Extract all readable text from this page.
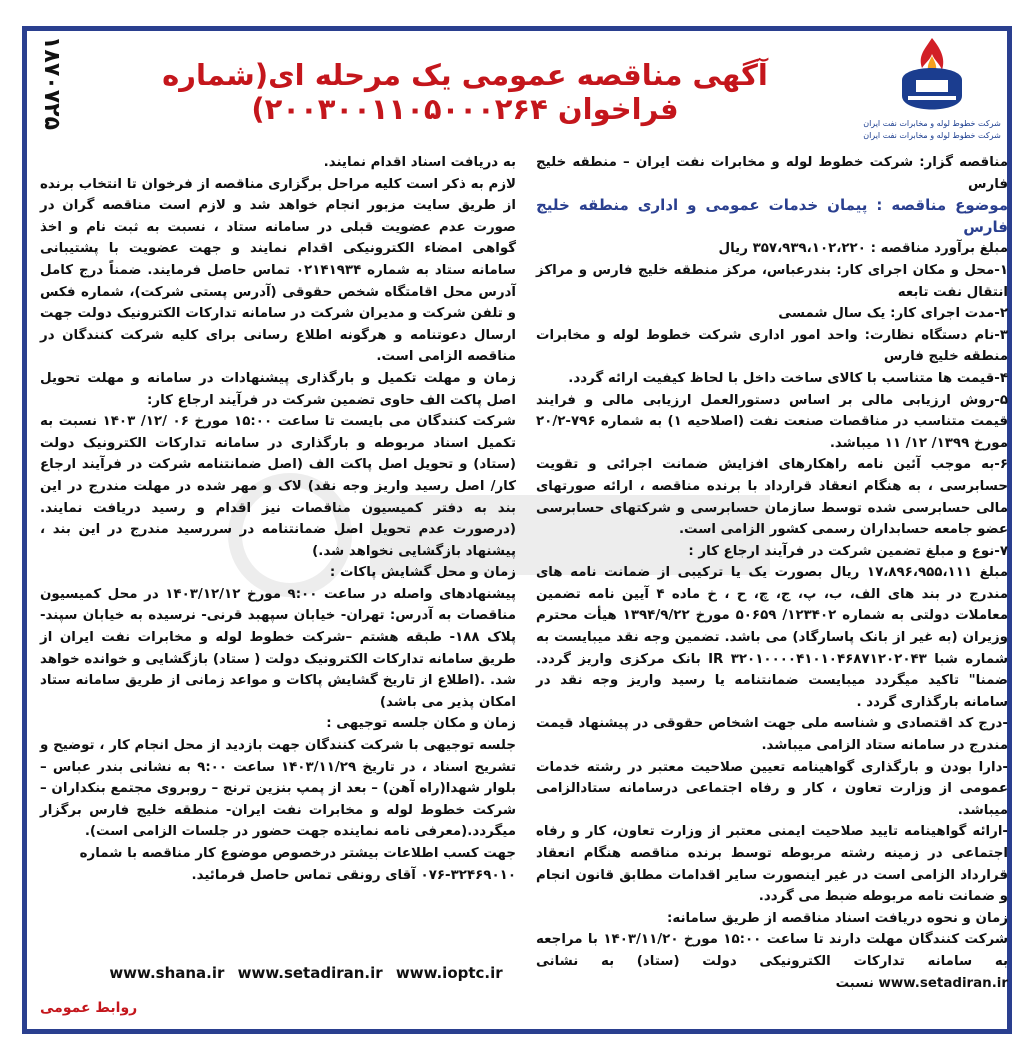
۱۸۷۰۷۲۵	شرکت خطوط لوله و مخابرات نفت ایران
شرکت خطوط لوله و مخابرات نفت ایران
آگهی مناقصه عمومی یک مرحله ای(شماره فراخوان ۲۰۰۳۰۰۱۱۰۵۰۰۰۲۶۴)

مناقصه گزار: شرکت خطوط لوله و مخابرات نفت ایران – منطقه خلیج فارس

موضوع مناقصه : پیمان خدمات عمومی و اداری منطقه خلیج فارس

مبلغ برآورد مناقصه : ۳۵۷،۹۳۹،۱۰۲،۲۲۰ ریال

۱-محل و مکان اجرای کار: بندرعباس، مرکز منطقه خلیج فارس و مراکز انتقال نفت تابعه

۲-مدت اجرای کار: یک سال شمسی

۳-نام دستگاه نظارت: واحد امور اداری شرکت خطوط لوله و مخابرات منطقه خلیج فارس

۴-قیمت ها متناسب با کالای ساخت داخل با لحاظ کیفیت ارائه گردد.

۵-روش ارزیابی مالی بر اساس دستورالعمل ارزیابی مالی و فرایند قیمت متناسب در مناقصات صنعت نفت (اصلاحیه ۱) به شماره ۷۹۶-۲۰/۲ مورخ ۱۳۹۹/ ۱۲/ ۱۱ میباشد.

۶-به موجب آئین نامه راهکارهای افزایش ضمانت اجرائی و تقویت حسابرسی ، به هنگام انعقاد قرارداد با برنده مناقصه ، ارائه صورتهای مالی حسابرسی شده توسط سازمان حسابرسی و شرکتهای حسابرسی عضو جامعه حسابداران رسمی کشور الزامی است.

۷-نوع و مبلغ تضمین شرکت در فرآیند ارجاع کار :

مبلغ ۱۷،۸۹۶،۹۵۵،۱۱۱ ریال بصورت یک یا ترکیبی از ضمانت نامه های مندرج در بند های الف، ب، پ، ج، چ، ح ، خ ماده ۴ آیین نامه تضمین معاملات دولتی به شماره ۱۲۳۴۰۲/ ۵۰۶۵۹ مورخ ۱۳۹۴/۹/۲۲ هیأت محترم وزیران (به غیر از بانک پاسارگاد) می باشد. تضمین وجه نقد میبایست به شماره شبا IR ۳۲۰۱۰۰۰۰۴۱۰۱۰۴۶۸۷۱۲۰۲۰۴۳ بانک مرکزی واریز گردد. ضمنا" تاکید میگردد میبایست ضمانتنامه یا رسید واریز وجه نقد در سامانه بارگذاری گردد .

-درج کد اقتصادی و شناسه ملی جهت اشخاص حقوقی در پیشنهاد قیمت مندرج در سامانه ستاد الزامی میباشد.

-دارا بودن و بارگذاری گواهینامه تعیین صلاحیت معتبر در رشته خدمات عمومی از وزارت تعاون ، کار و رفاه اجتماعی درسامانه ستادالزامی میباشد.

-ارائه گواهینامه تایید صلاحیت ایمنی معتبر از وزارت تعاون، کار و رفاه اجتماعی در زمینه رشته مربوطه توسط برنده مناقصه هنگام انعقاد قرارداد الزامی است در غیر اینصورت سایر اقدامات مطابق قانون انجام و ضمانت نامه مربوطه ضبط می گردد.

زمان و نحوه دریافت اسناد مناقصه از طریق سامانه:

شرکت کنندگان مهلت دارند تا ساعت ۱۵:۰۰ مورخ ۱۴۰۳/۱۱/۲۰ با مراجعه به سامانه تدارکات الکترونیکی دولت (ستاد) به نشانی www.setadiran.ir نسبت

به دریافت اسناد اقدام نمایند.

لازم به ذکر است کلیه مراحل برگزاری مناقصه از فرخوان تا انتخاب برنده از طریق سایت مزبور انجام خواهد شد و لازم است مناقصه گران در صورت عدم عضویت قبلی در سامانه ستاد ، نسبت به ثبت نام و اخذ گواهی امضاء الکترونیکی اقدام نمایند و جهت عضویت با پشتیبانی سامانه ستاد به شماره ۰۲۱۴۱۹۳۴ تماس حاصل فرمایند. ضمناً درج کامل آدرس محل اقامتگاه شخص حقوقی (آدرس پستی شرکت)، شماره فکس و تلفن شرکت و مدیران شرکت در سامانه تدارکات الکترونیک دولت جهت ارسال دعوتنامه و هرگونه اطلاع رسانی برای کلیه شرکت کنندگان در مناقصه الزامی است.

زمان و مهلت تکمیل و بارگذاری پیشنهادات در سامانه و مهلت تحویل اصل پاکت الف حاوی تضمین شرکت در فرآیند ارجاع کار:

شرکت کنندگان می بایست تا ساعت ۱۵:۰۰ مورخ ۰۶ /۱۲/ ۱۴۰۳ نسبت به تکمیل اسناد مربوطه و بارگذاری در سامانه تدارکات الکترونیک دولت (ستاد) و تحویل اصل پاکت الف (اصل ضمانتنامه شرکت در فرآیند ارجاع کار/ اصل رسید واریز وجه نقد) لاک و مهر شده در مهلت مندرج در این بند به دفتر کمیسیون مناقصات نیز اقدام و رسید دریافت نمایند. (درصورت عدم تحویل اصل ضمانتنامه در سررسید مندرج در این بند ، پیشنهاد بازگشایی نخواهد شد.)

زمان و محل گشایش پاکات :

پیشنهادهای واصله در ساعت ۹:۰۰ مورخ ۱۴۰۳/۱۲/۱۲ در محل کمیسیون مناقصات به آدرس: تهران- خیابان سپهبد قرنی- نرسیده به خیابان سپند- پلاک ۱۸۸- طبقه هشتم –شرکت خطوط لوله و مخابرات نفت ایران از طریق سامانه تدارکات الکترونیک دولت ( ستاد) بازگشایی و خوانده خواهد شد. .(اطلاع از تاریخ گشایش پاکات و مواعد زمانی از طریق سامانه ستاد امکان پذیر می باشد)

زمان و مکان جلسه توجیهی :

جلسه توجیهی با شرکت کنندگان جهت بازدید از محل انجام کار ، توضیح و تشریح اسناد ، در تاریخ ۱۴۰۳/۱۱/۲۹ ساعت ۹:۰۰ به نشانی بندر عباس – بلوار شهدا(راه آهن) – بعد از پمپ بنزین ترنج – روبروی مجتمع بنکداران –شرکت خطوط لوله و مخابرات نفت ایران- منطقه خلیج فارس برگزار میگردد.(معرفی نامه نماینده جهت حضور در جلسات الزامی است).

جهت کسب اطلاعات بیشتر درخصوص موضوع کار مناقصه با شماره

۰۷۶-۳۲۴۶۹۰۱۰ آقای رونقی تماس حاصل فرمائید.

www.shana.ir www.setadiran.ir www.ioptc.ir
روابط عمومی
